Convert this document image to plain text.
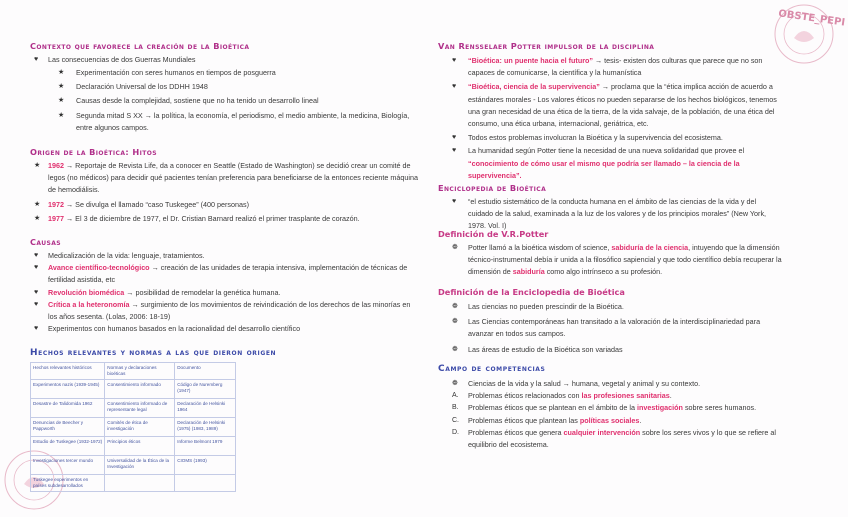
OBSTE_PEPI
Contexto que favorece la creación de la Bioética
♥ Las consecuencias de dos Guerras Mundiales
★ Experimentación con seres humanos en tiempos de posguerra
★ Declaración Universal de los DDHH 1948
★ Causas desde la complejidad, sostiene que no ha tenido un desarrollo lineal
★ Segunda mitad S XX → la política, la economía, el periodismo, el medio ambiente, la medicina, Biología, entre algunos campos.
Origen de la Bioética: Hitos
★ 1962 → Reportaje de Revista Life, da a conocer en Seattle (Estado de Washington) se decidió crear un comité de legos (no médicos) para decidir qué pacientes tenían preferencia para beneficiarse de la entonces reciente máquina de hemodiálisis.
★ 1972 → Se divulga el llamado “caso Tuskegee” (400 personas)
★ 1977 → El 3 de diciembre de 1977, el Dr. Cristian Barnard realizó el primer trasplante de corazón.
Causas
♥ Medicalización de la vida: lenguaje, tratamientos.
♥ Avance científico-tecnológico → creación de las unidades de terapia intensiva, implementación de técnicas de fertilidad asistida, etc
♥ Revolución biomédica → posibilidad de remodelar la genética humana.
♥ Crítica a la heteronomía → surgimiento de los movimientos de reivindicación de los derechos de las minorías en los años sesenta. (Lolas, 2006: 18-19)
♥ Experimentos con humanos basados en la racionalidad del desarrollo científico
Hechos relevantes y normas a las que dieron origen
Hechos relevantes históricos	Normas y declaraciones bioéticas	Documento
Experimentos nazis (1939-1945)	Consentimiento informado	Código de Nuremberg (1947)
Desastre de Talidomida 1962	Consentimiento informado de representante legal	Declaración de Helsinki 1964
Denuncias de Beecher y Pappworth	Comités de ética de investigación	Declaración de Helsinki (1975) (1983, 1989)
Estudio de Tuskegee (1932-1972)	Principios éticos	Informe Belmont 1979
Investigaciones tercer mundo	Universalidad de la Ética de la Investigación	CIOMS (1993)
Tuskegee experimentos en países subdesarrollados		
Van Rensselaer Potter impulsor de la disciplina
♥ “Bioética: un puente hacia el futuro” → tesis- existen dos culturas que parece que no son capaces de comunicarse, la científica y la humanística
♥ “Bioética, ciencia de la supervivencia” → proclama que la “ética implica acción de acuerdo a estándares morales - Los valores éticos no pueden separarse de los hechos biológicos, tenemos una gran necesidad de una ética de la tierra, de la vida salvaje, de la población, de una ética del consumo, una ética urbana, internacional, geriátrica, etc.
♥ Todos estos problemas involucran la Bioética y la supervivencia del ecosistema.
♥ La humanidad según Potter tiene la necesidad de una nueva solidaridad que provee el “conocimiento de cómo usar el mismo que podría ser llamado – la ciencia de la supervivencia”.
Enciclopedia de Bioética
♥ “el estudio sistemático de la conducta humana en el ámbito de las ciencias de la vida y del cuidado de la salud, examinada a la luz de los valores y de los principios morales” (New York, 1978. Vol. I)
Definición de V.R.Potter
❁ Potter llamó a la bioética wisdom of science, sabiduría de la ciencia, intuyendo que la dimensión técnico-instrumental debía ir unida a la filosófico sapiencial y que todo científico debía recuperar la dimensión de sabiduría como algo intrínseco a su profesión.
Definición de la Enciclopedia de Bioética
❁ Las ciencias no pueden prescindir de la Bioética.
❁ Las Ciencias contemporáneas han transitado a la valoración de la interdisciplinariedad para avanzar en todos sus campos.
❁ Las áreas de estudio de la Bioética son variadas
Campo de competencias
❁ Ciencias de la vida y la salud → humana, vegetal y animal y su contexto.
A. Problemas éticos relacionados con las profesiones sanitarias.
B. Problemas éticos que se plantean en el ámbito de la investigación sobre seres humanos.
C. Problemas éticos que plantean las políticas sociales.
D. Problemas éticos que genera cualquier intervención sobre los seres vivos y lo que se refiere al equilibrio del ecosistema.
